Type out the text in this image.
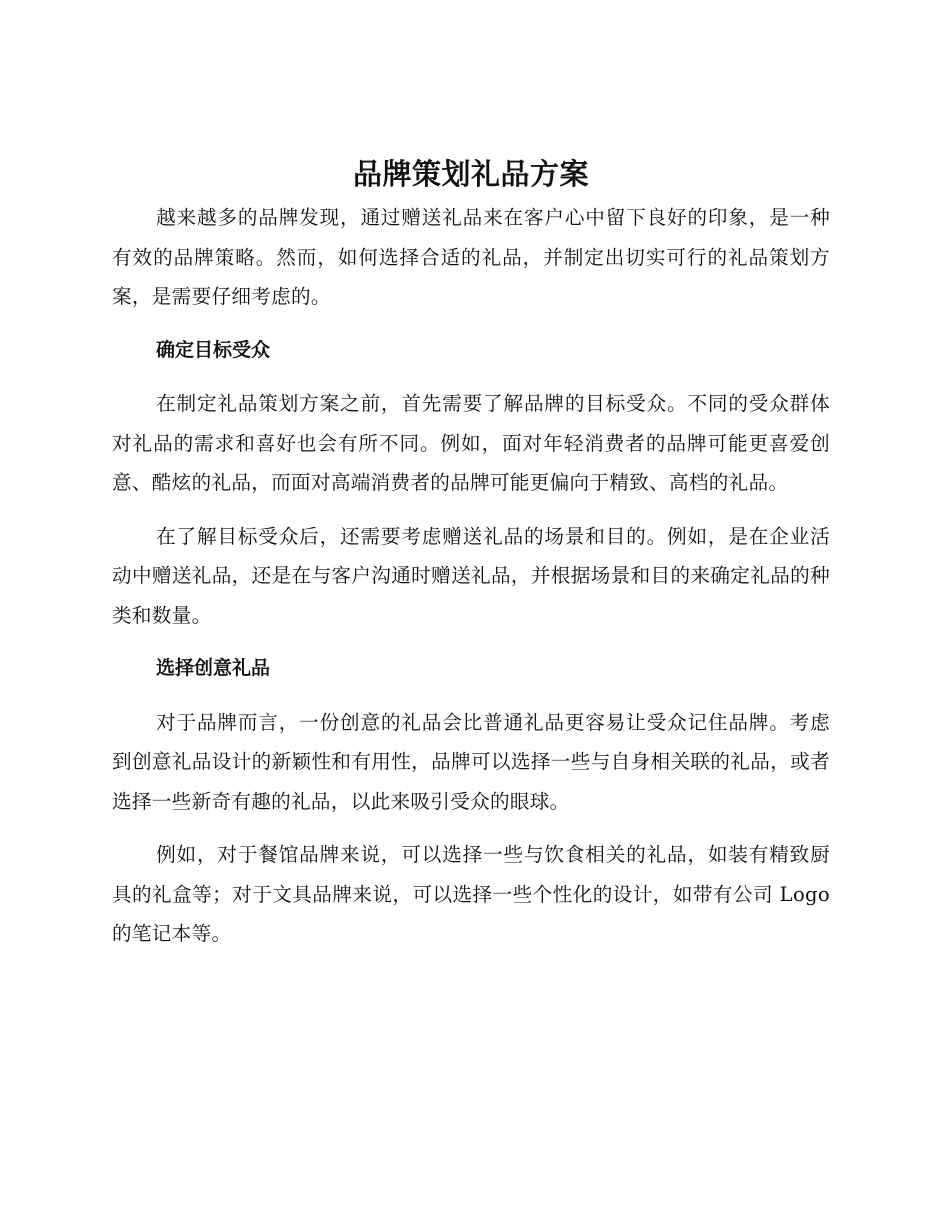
品牌策划礼品方案

越来越多的品牌发现，通过赠送礼品来在客户心中留下良好的印象，是一种有效的品牌策略。然而，如何选择合适的礼品，并制定出切实可行的礼品策划方案，是需要仔细考虑的。

确定目标受众

在制定礼品策划方案之前，首先需要了解品牌的目标受众。不同的受众群体对礼品的需求和喜好也会有所不同。例如，面对年轻消费者的品牌可能更喜爱创意、酷炫的礼品，而面对高端消费者的品牌可能更偏向于精致、高档的礼品。

在了解目标受众后，还需要考虑赠送礼品的场景和目的。例如，是在企业活动中赠送礼品，还是在与客户沟通时赠送礼品，并根据场景和目的来确定礼品的种类和数量。

选择创意礼品

对于品牌而言，一份创意的礼品会比普通礼品更容易让受众记住品牌。考虑到创意礼品设计的新颖性和有用性，品牌可以选择一些与自身相关联的礼品，或者选择一些新奇有趣的礼品，以此来吸引受众的眼球。

例如，对于餐馆品牌来说，可以选择一些与饮食相关的礼品，如装有精致厨具的礼盒等；对于文具品牌来说，可以选择一些个性化的设计，如带有公司 Logo 的笔记本等。
